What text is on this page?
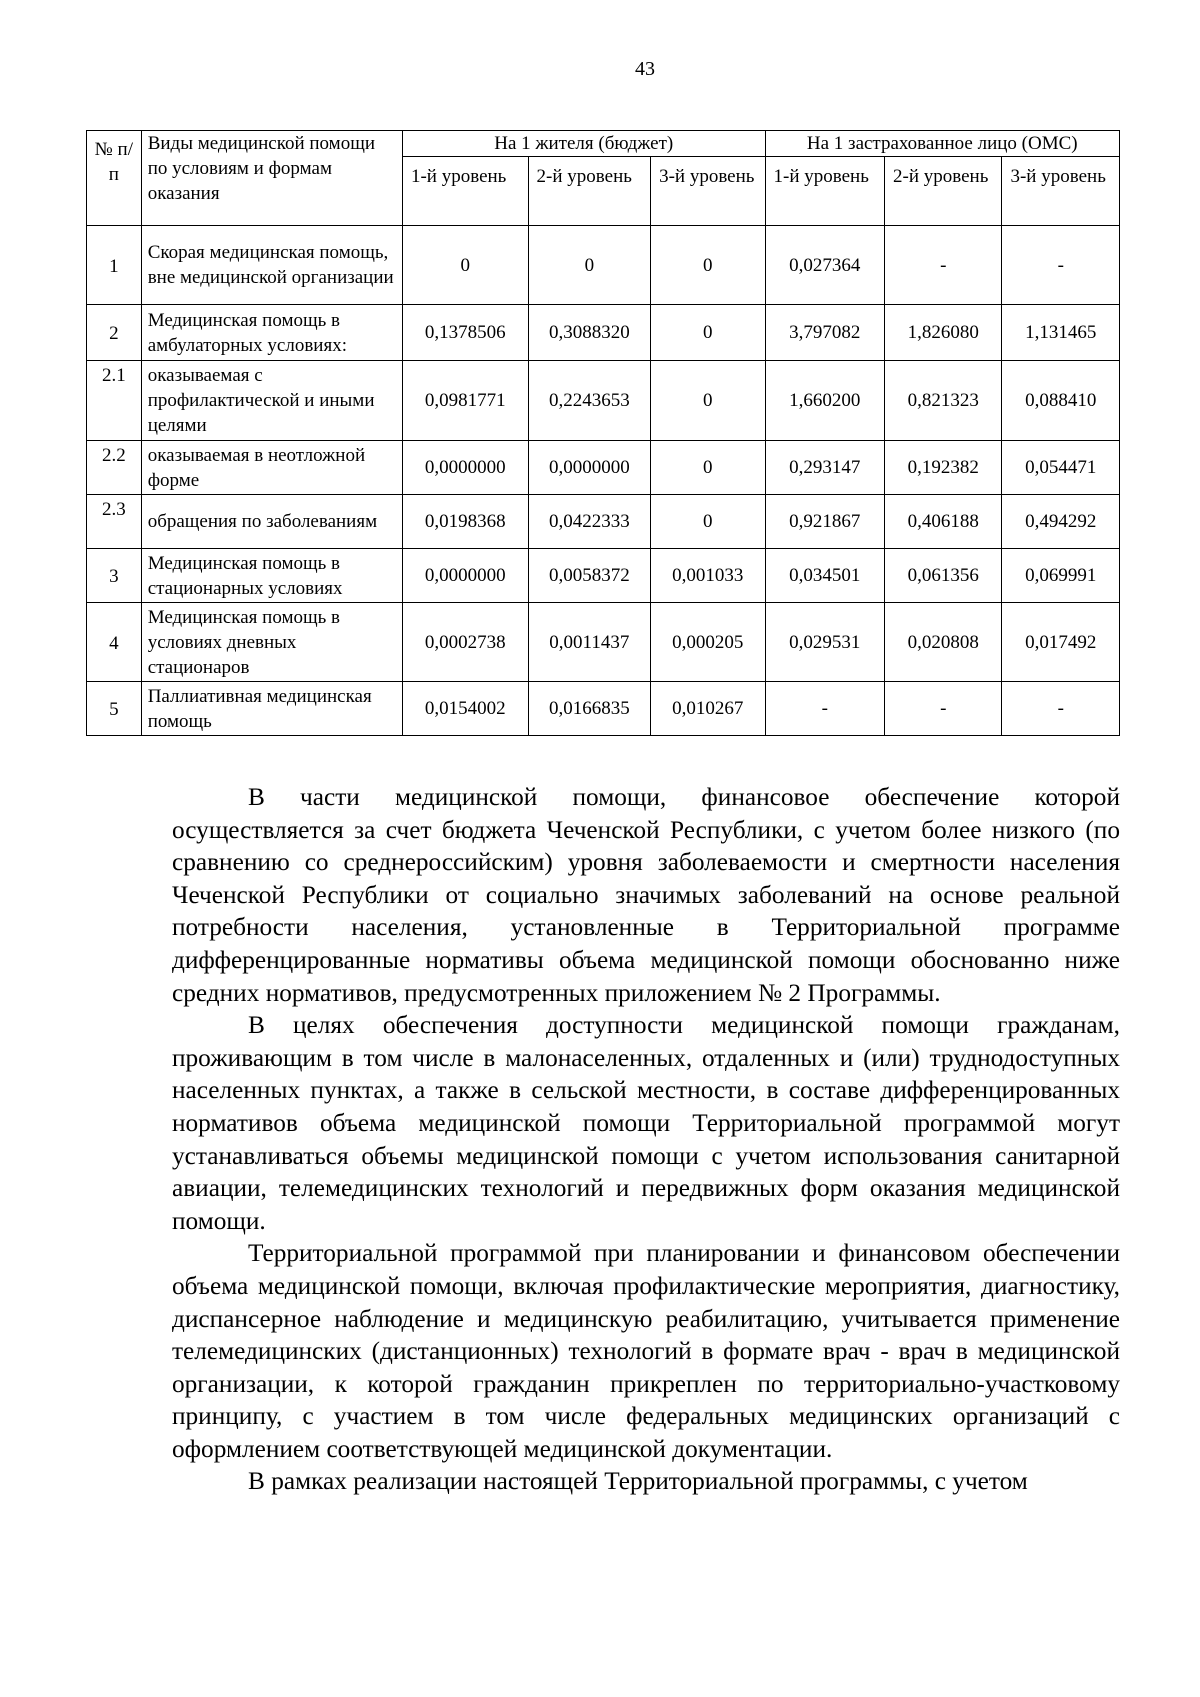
43
№ п/п	Виды медицинской помощи по условиям и формам оказания	На 1 жителя (бюджет)			На 1 застрахованное лицо (ОМС)		
		1-й уровень	2-й уровень	3-й уровень	1-й уровень	2-й уровень	3-й уровень
1	Скорая медицинская помощь, вне медицинской организации	0	0	0	0,027364	-	-
2	Медицинская помощь в амбулаторных условиях:	0,1378506	0,3088320	0	3,797082	1,826080	1,131465
2.1	оказываемая с профилактической и иными целями	0,0981771	0,2243653	0	1,660200	0,821323	0,088410
2.2	оказываемая в неотложной форме	0,0000000	0,0000000	0	0,293147	0,192382	0,054471
2.3	обращения по заболеваниям	0,0198368	0,0422333	0	0,921867	0,406188	0,494292
3	Медицинская помощь в стационарных условиях	0,0000000	0,0058372	0,001033	0,034501	0,061356	0,069991
4	Медицинская помощь в условиях дневных стационаров	0,0002738	0,0011437	0,000205	0,029531	0,020808	0,017492
5	Паллиативная медицинская помощь	0,0154002	0,0166835	0,010267	-	-	-

В части медицинской помощи, финансовое обеспечение которой осуществляется за счет бюджета Чеченской Республики, с учетом более низкого (по сравнению со среднероссийским) уровня заболеваемости и смертности населения Чеченской Республики от социально значимых заболеваний на основе реальной потребности населения, установленные в Территориальной программе дифференцированные нормативы объема медицинской помощи обоснованно ниже средних нормативов, предусмотренных приложением № 2 Программы.

В целях обеспечения доступности медицинской помощи гражданам, проживающим в том числе в малонаселенных, отдаленных и (или) труднодоступных населенных пунктах, а также в сельской местности, в составе дифференцированных нормативов объема медицинской помощи Территориальной программой могут устанавливаться объемы медицинской помощи с учетом использования санитарной авиации, телемедицинских технологий и передвижных форм оказания медицинской помощи.

Территориальной программой при планировании и финансовом обеспечении объема медицинской помощи, включая профилактические мероприятия, диагностику, диспансерное наблюдение и медицинскую реабилитацию, учитывается применение телемедицинских (дистанционных) технологий в формате врач - врач в медицинской организации, к которой гражданин прикреплен по территориально-участковому принципу, с участием в том числе федеральных медицинских организаций с оформлением соответствующей медицинской документации.

В рамках реализации настоящей Территориальной программы, с учетом
